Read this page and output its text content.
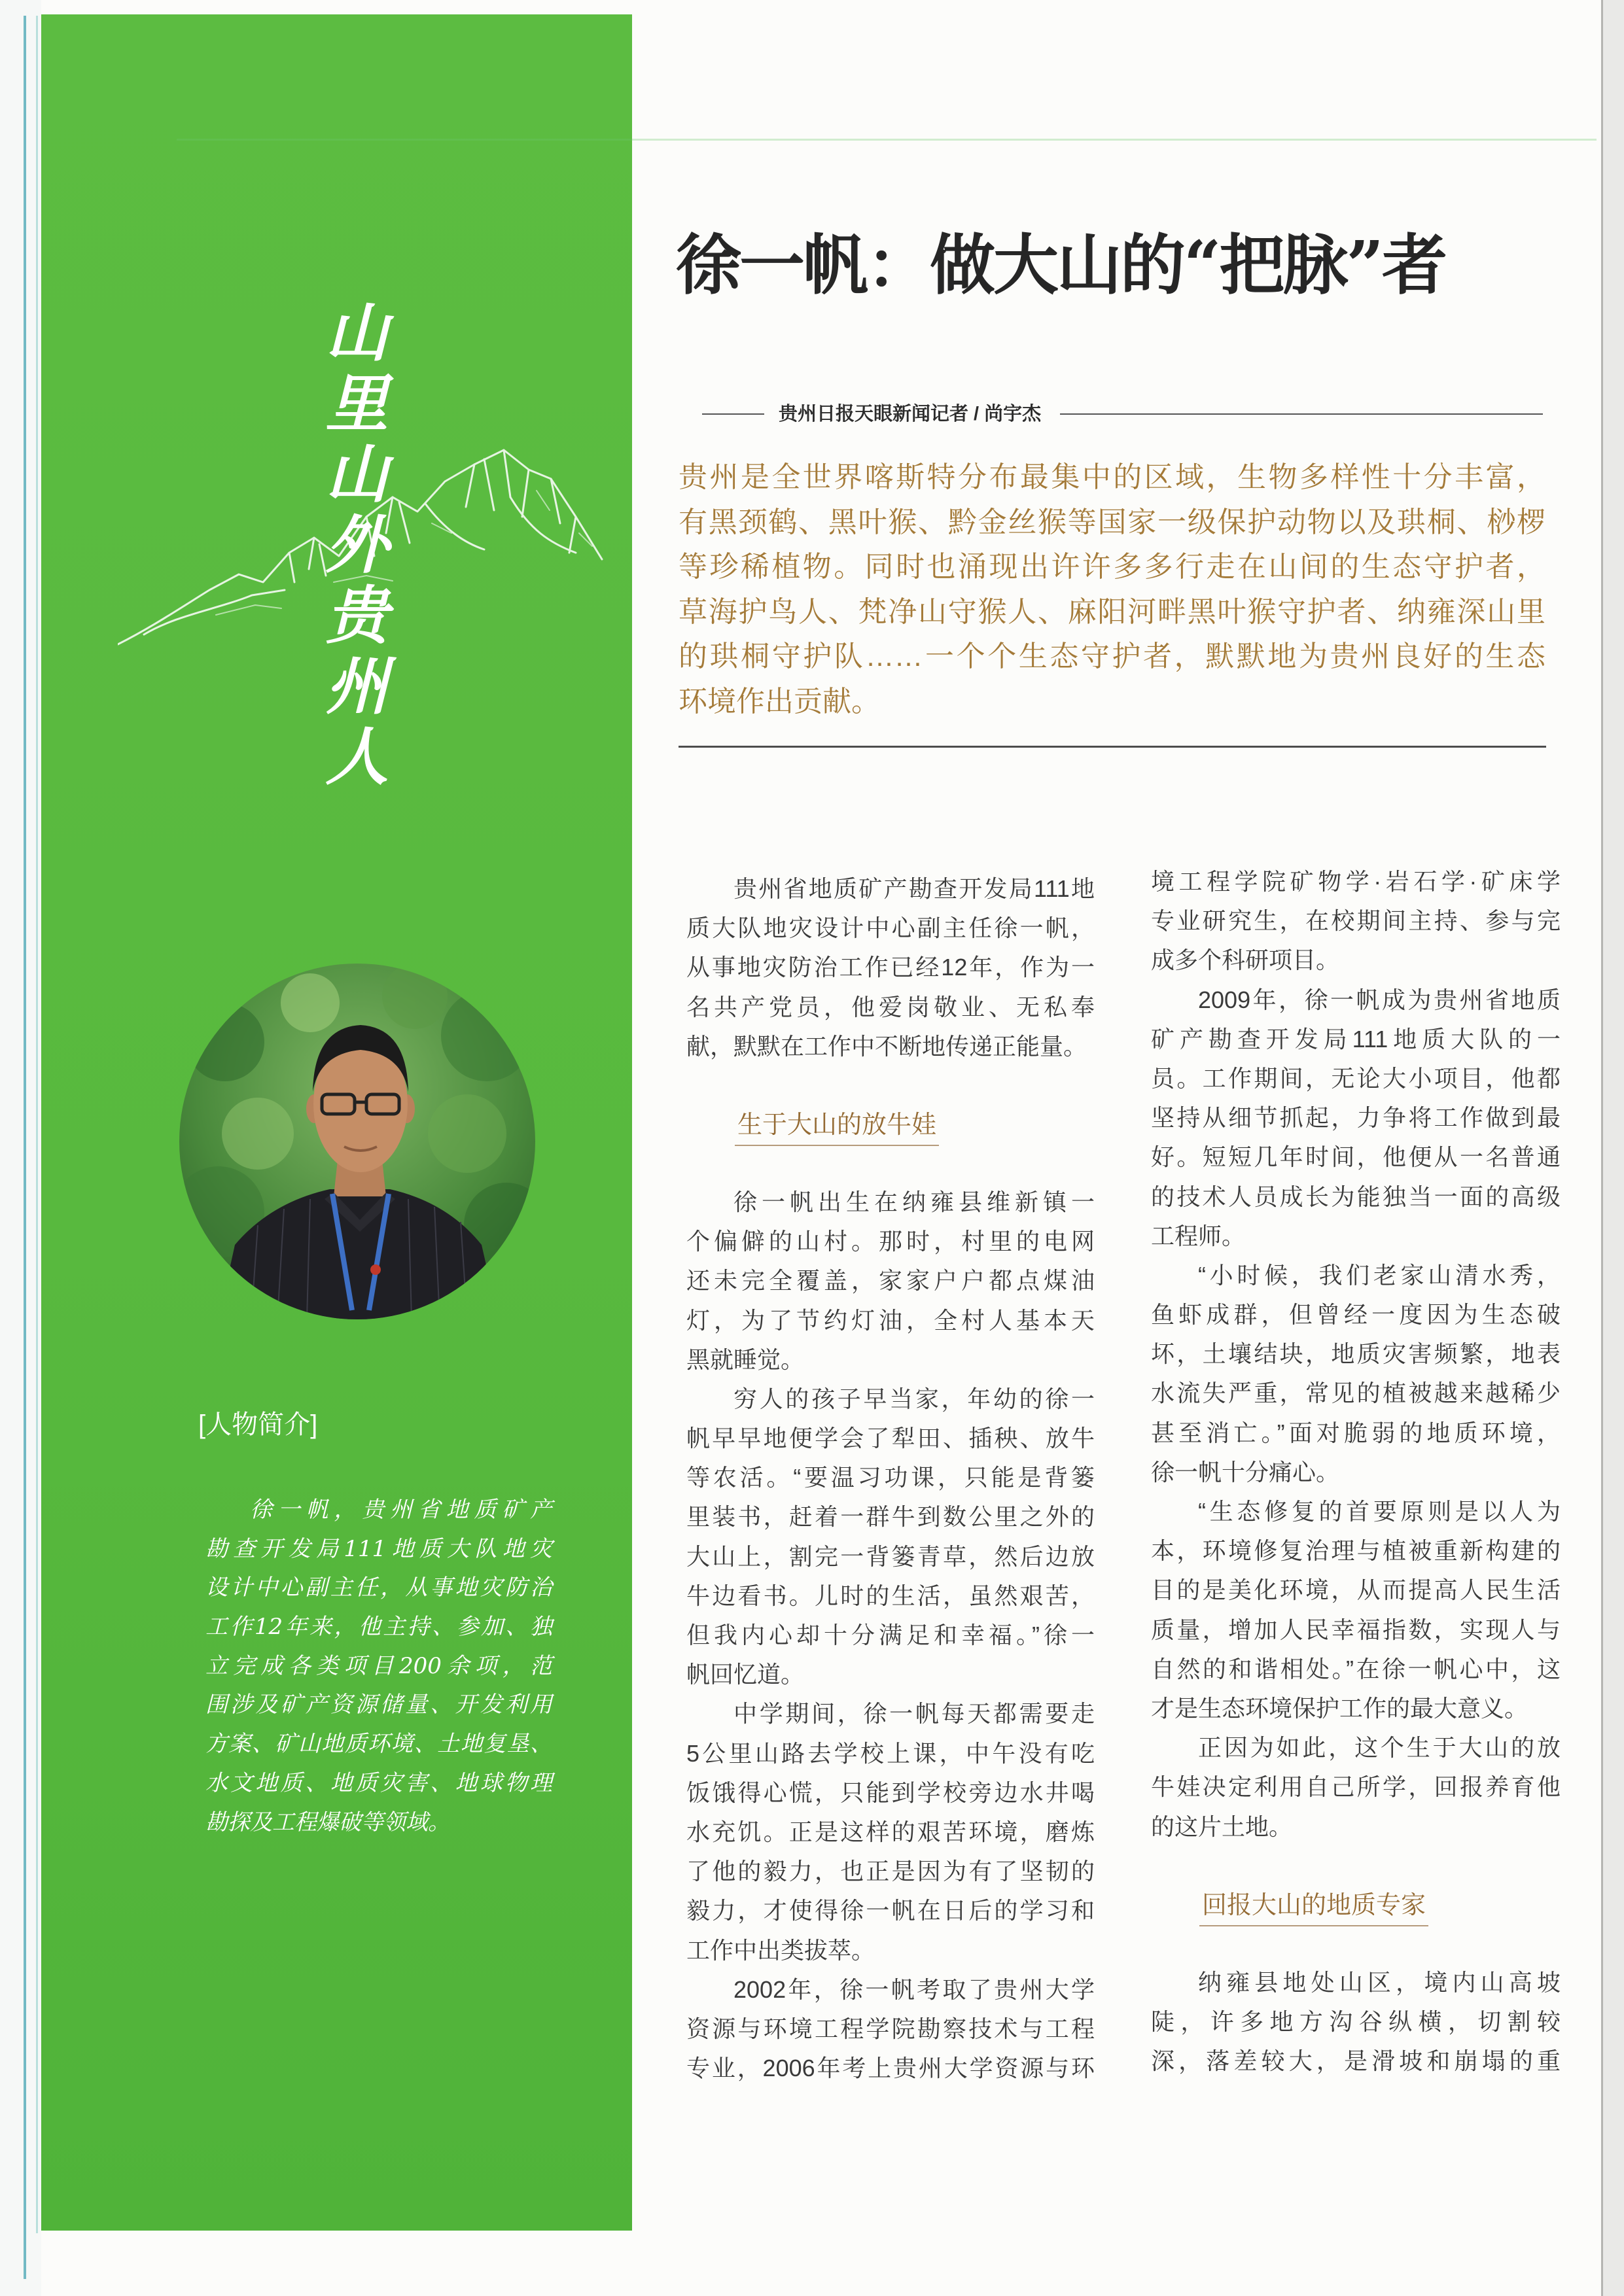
山里山外贵州人
[人物简介]
徐一帆，贵州省地质矿产
勘查开发局111地质大队地灾
设计中心副主任，从事地灾防治
工作12年来，他主持、参加、独
立完成各类项目200余项，范
围涉及矿产资源储量、开发利用
方案、矿山地质环境、土地复垦、
水文地质、地质灾害、地球物理
勘探及工程爆破等领域。
徐一帆：做大山的“把脉”者
贵州日报天眼新闻记者 / 尚宇杰
贵州是全世界喀斯特分布最集中的区域，生物多样性十分丰富，
有黑颈鹤、黑叶猴、黔金丝猴等国家一级保护动物以及珙桐、桫椤
等珍稀植物。同时也涌现出许许多多行走在山间的生态守护者，
草海护鸟人、梵净山守猴人、麻阳河畔黑叶猴守护者、纳雍深山里
的珙桐守护队……一个个生态守护者，默默地为贵州良好的生态
环境作出贡献。
贵州省地质矿产勘查开发局111地
质大队地灾设计中心副主任徐一帆，
从事地灾防治工作已经12年，作为一
名共产党员，他爱岗敬业、无私奉
献，默默在工作中不断地传递正能量。
生于大山的放牛娃
徐一帆出生在纳雍县维新镇一
个偏僻的山村。那时，村里的电网
还未完全覆盖，家家户户都点煤油
灯，为了节约灯油，全村人基本天
黑就睡觉。
穷人的孩子早当家，年幼的徐一
帆早早地便学会了犁田、插秧、放牛
等农活。“要温习功课，只能是背篓
里装书，赶着一群牛到数公里之外的
大山上，割完一背篓青草，然后边放
牛边看书。儿时的生活，虽然艰苦，
但我内心却十分满足和幸福。”徐一
帆回忆道。
中学期间，徐一帆每天都需要走
5公里山路去学校上课，中午没有吃
饭饿得心慌，只能到学校旁边水井喝
水充饥。正是这样的艰苦环境，磨炼
了他的毅力，也正是因为有了坚韧的
毅力，才使得徐一帆在日后的学习和
工作中出类拔萃。
2002年，徐一帆考取了贵州大学
资源与环境工程学院勘察技术与工程
专业，2006年考上贵州大学资源与环
境工程学院矿物学·岩石学·矿床学
专业研究生，在校期间主持、参与完
成多个科研项目。
2009年，徐一帆成为贵州省地质
矿产勘查开发局111地质大队的一
员。工作期间，无论大小项目，他都
坚持从细节抓起，力争将工作做到最
好。短短几年时间，他便从一名普通
的技术人员成长为能独当一面的高级
工程师。
“小时候，我们老家山清水秀，
鱼虾成群，但曾经一度因为生态破
坏，土壤结块，地质灾害频繁，地表
水流失严重，常见的植被越来越稀少
甚至消亡。”面对脆弱的地质环境，
徐一帆十分痛心。
“生态修复的首要原则是以人为
本，环境修复治理与植被重新构建的
目的是美化环境，从而提高人民生活
质量，增加人民幸福指数，实现人与
自然的和谐相处。”在徐一帆心中，这
才是生态环境保护工作的最大意义。
正因为如此，这个生于大山的放
牛娃决定利用自己所学，回报养育他
的这片土地。
回报大山的地质专家
纳雍县地处山区，境内山高坡
陡，许多地方沟谷纵横，切割较
深，落差较大，是滑坡和崩塌的重
